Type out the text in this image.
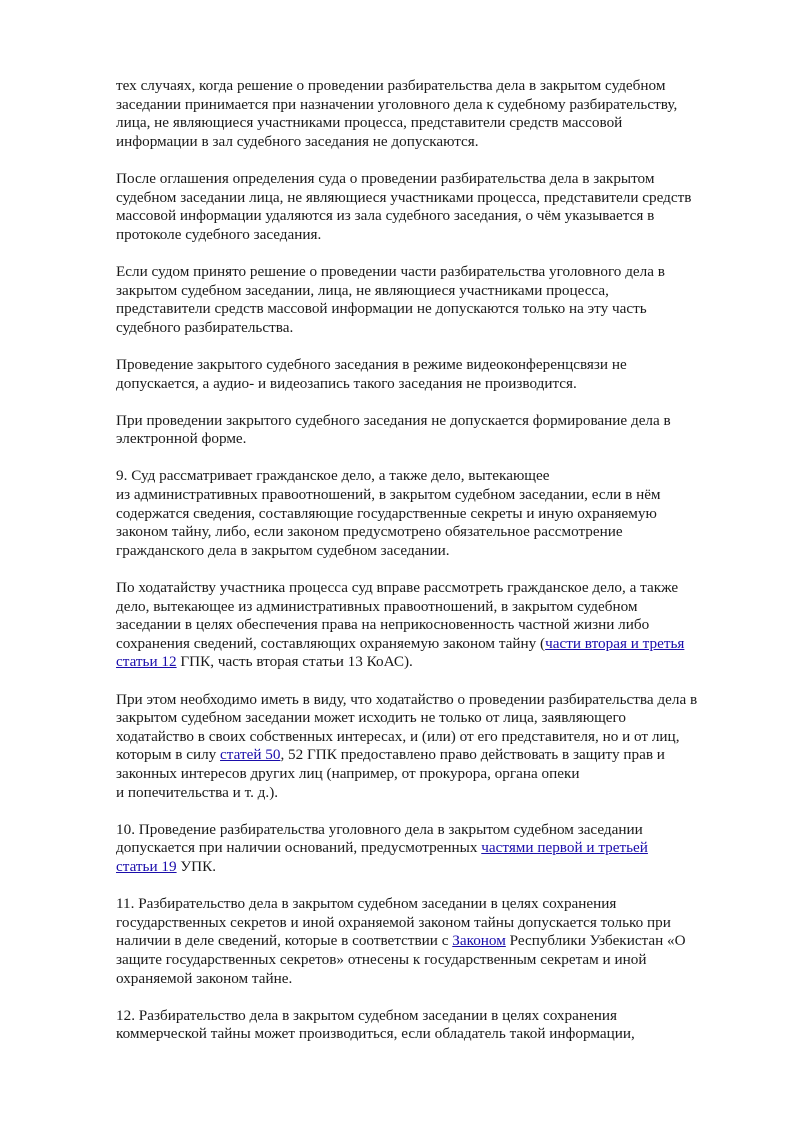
тех случаях, когда решение о проведении разбирательства дела в закрытом судебном
заседании принимается при назначении уголовного дела к судебному разбирательству,
лица, не являющиеся участниками процесса, представители средств массовой
информации в зал судебного заседания не допускаются.

После оглашения определения суда о проведении разбирательства дела в закрытом
судебном заседании лица, не являющиеся участниками процесса, представители средств
массовой информации удаляются из зала судебного заседания, о чём указывается в
протоколе судебного заседания.

Если судом принято решение о проведении части разбирательства уголовного дела в
закрытом судебном заседании, лица, не являющиеся участниками процесса,
представители средств массовой информации не допускаются только на эту часть
судебного разбирательства.

Проведение закрытого судебного заседания в режиме видеоконференцсвязи не
допускается, а аудио- и видеозапись такого заседания не производится.

При проведении закрытого судебного заседания не допускается формирование дела в
электронной форме.

9. Суд рассматривает гражданское дело, а также дело, вытекающее
из административных правоотношений, в закрытом судебном заседании, если в нём
содержатся сведения, составляющие государственные секреты и иную охраняемую
законом тайну, либо, если законом предусмотрено обязательное рассмотрение
гражданского дела в закрытом судебном заседании.

По ходатайству участника процесса суд вправе рассмотреть гражданское дело, а также
дело, вытекающее из административных правоотношений, в закрытом судебном
заседании в целях обеспечения права на неприкосновенность частной жизни либо
сохранения сведений, составляющих охраняемую законом тайну (части вторая и третья
статьи 12 ГПК, часть вторая статьи 13 КоАС).

При этом необходимо иметь в виду, что ходатайство о проведении разбирательства дела в
закрытом судебном заседании может исходить не только от лица, заявляющего
ходатайство в своих собственных интересах, и (или) от его представителя, но и от лиц,
которым в силу статей 50, 52 ГПК предоставлено право действовать в защиту прав и
законных интересов других лиц (например, от прокурора, органа опеки
и попечительства и т. д.).

10. Проведение разбирательства уголовного дела в закрытом судебном заседании
допускается при наличии оснований, предусмотренных частями первой и третьей
статьи 19 УПК.

11. Разбирательство дела в закрытом судебном заседании в целях сохранения
государственных секретов и иной охраняемой законом тайны допускается только при
наличии в деле сведений, которые в соответствии с Законом Республики Узбекистан «О
защите государственных секретов» отнесены к государственным секретам и иной
охраняемой законом тайне.

12. Разбирательство дела в закрытом судебном заседании в целях сохранения
коммерческой тайны может производиться, если обладатель такой информации,
